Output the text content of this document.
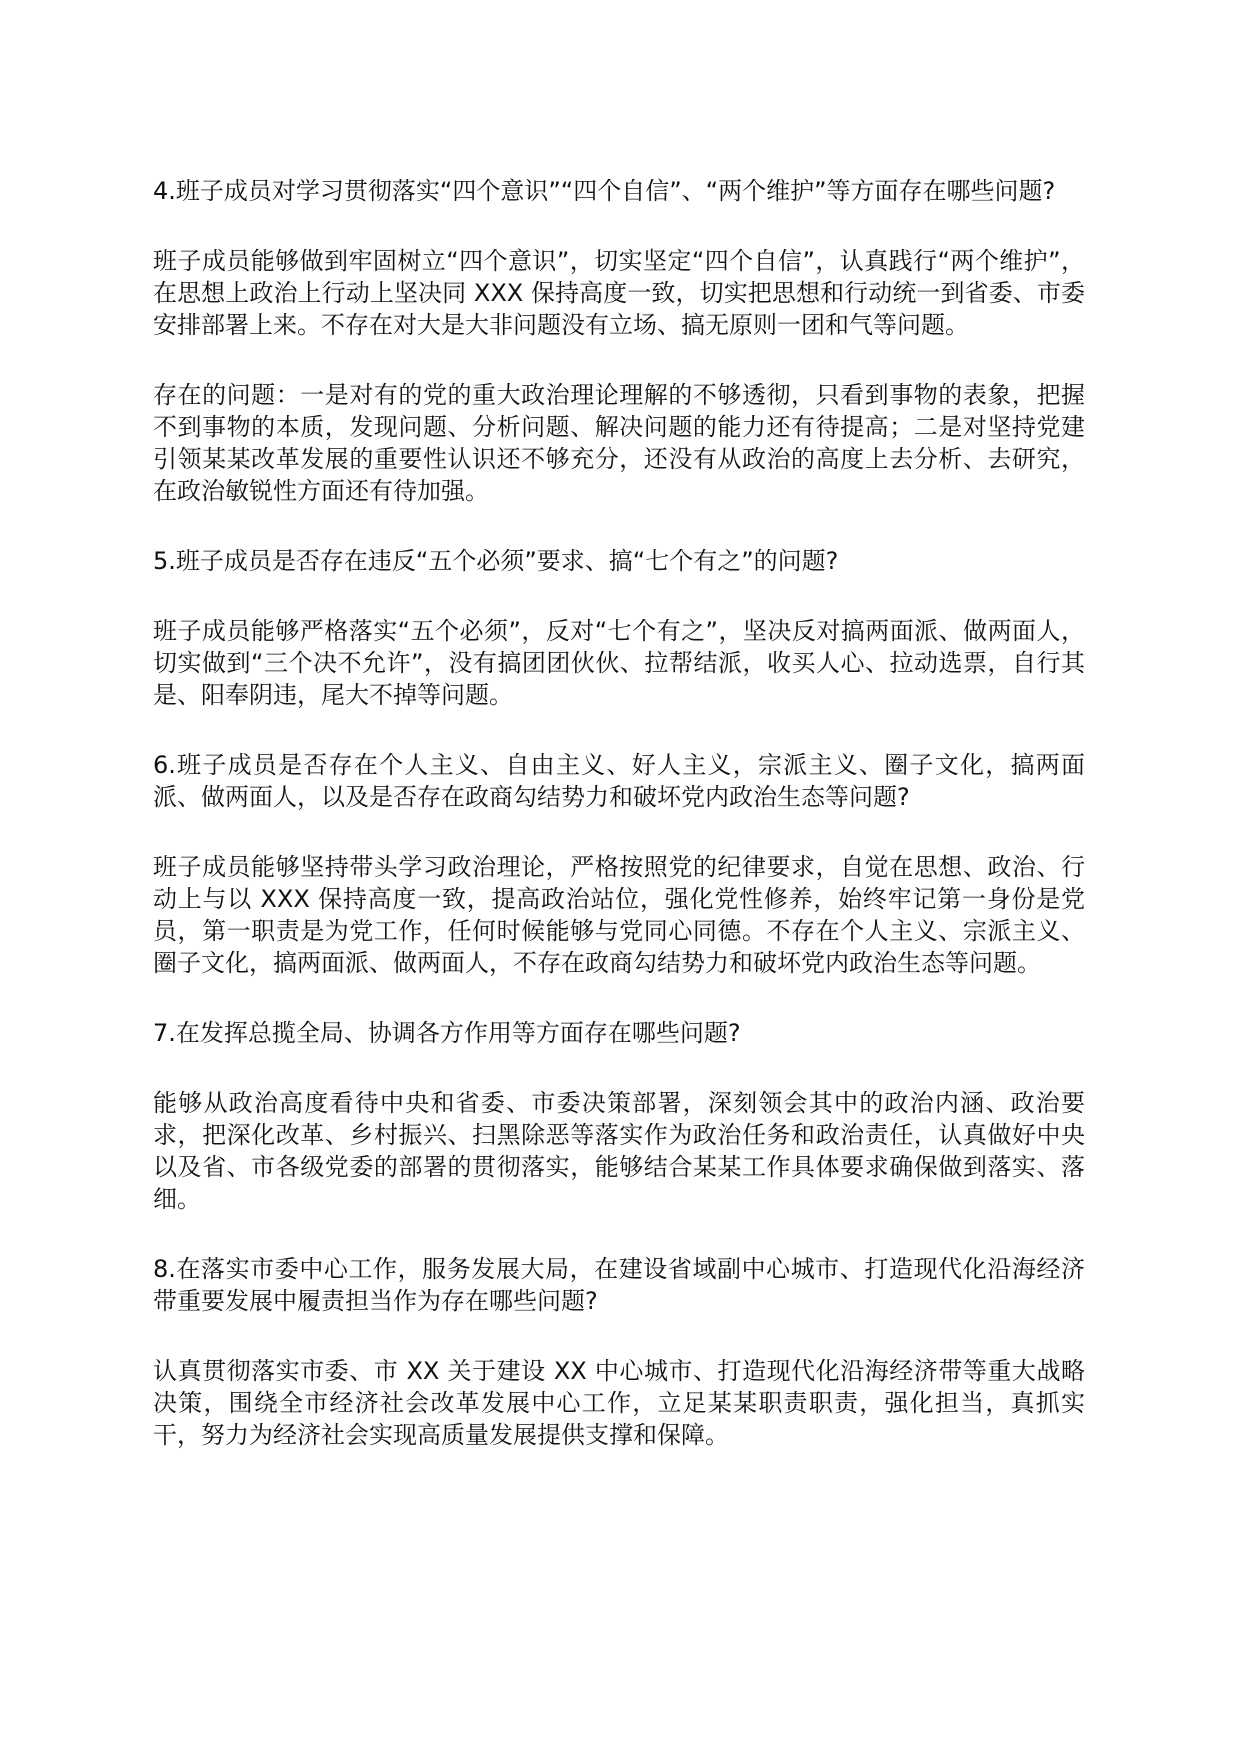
4.班子成员对学习贯彻落实“四个意识”“四个自信”、“两个维护”等方面存在哪些问题?

班子成员能够做到牢固树立“四个意识”，切实坚定“四个自信”，认真践行“两个维护”，在思想上政治上行动上坚决同 XXX 保持高度一致，切实把思想和行动统一到省委、市委安排部署上来。不存在对大是大非问题没有立场、搞无原则一团和气等问题。

存在的问题：一是对有的党的重大政治理论理解的不够透彻，只看到事物的表象，把握不到事物的本质，发现问题、分析问题、解决问题的能力还有待提高；二是对坚持党建引领某某改革发展的重要性认识还不够充分，还没有从政治的高度上去分析、去研究，在政治敏锐性方面还有待加强。

5.班子成员是否存在违反“五个必须”要求、搞“七个有之”的问题?

班子成员能够严格落实“五个必须”，反对“七个有之”，坚决反对搞两面派、做两面人，切实做到“三个决不允许”，没有搞团团伙伙、拉帮结派，收买人心、拉动选票，自行其是、阳奉阴违，尾大不掉等问题。

6.班子成员是否存在个人主义、自由主义、好人主义，宗派主义、圈子文化，搞两面派、做两面人，以及是否存在政商勾结势力和破坏党内政治生态等问题?

班子成员能够坚持带头学习政治理论，严格按照党的纪律要求，自觉在思想、政治、行动上与以 XXX 保持高度一致，提高政治站位，强化党性修养，始终牢记第一身份是党员，第一职责是为党工作，任何时候能够与党同心同德。不存在个人主义、宗派主义、圈子文化，搞两面派、做两面人，不存在政商勾结势力和破坏党内政治生态等问题。

7.在发挥总揽全局、协调各方作用等方面存在哪些问题?

能够从政治高度看待中央和省委、市委决策部署，深刻领会其中的政治内涵、政治要求，把深化改革、乡村振兴、扫黑除恶等落实作为政治任务和政治责任，认真做好中央以及省、市各级党委的部署的贯彻落实，能够结合某某工作具体要求确保做到落实、落细。

8.在落实市委中心工作，服务发展大局，在建设省域副中心城市、打造现代化沿海经济带重要发展中履责担当作为存在哪些问题?

认真贯彻落实市委、市 XX 关于建设 XX 中心城市、打造现代化沿海经济带等重大战略决策，围绕全市经济社会改革发展中心工作，立足某某职责职责，强化担当，真抓实干，努力为经济社会实现高质量发展提供支撑和保障。
